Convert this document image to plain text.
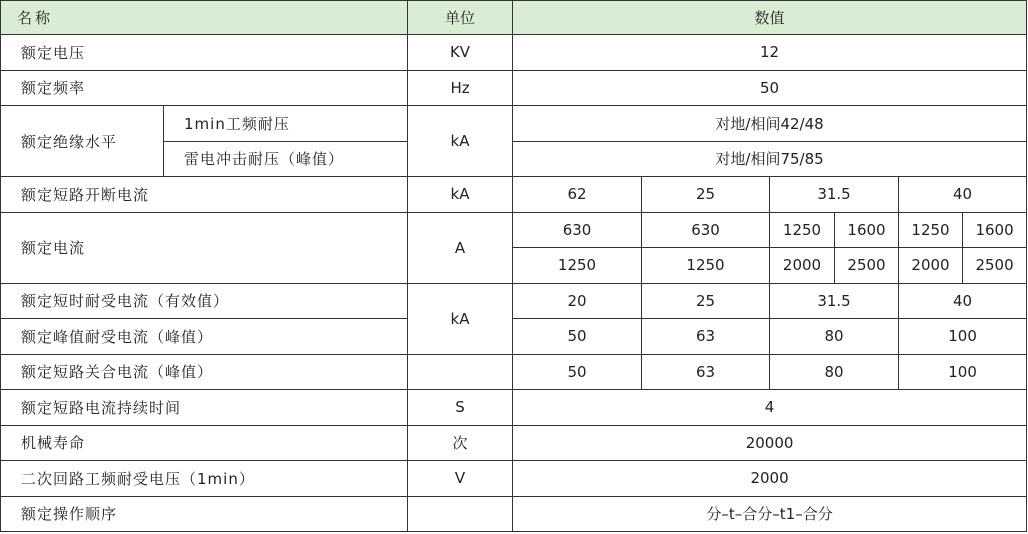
名称		单位	数值					
额定电压		KV	12					
额定频率		Hz	50					
额定绝缘水平	1min工频耐压	kA	对地/相间42/48					
	雷电冲击耐压（峰值）		对地/相间75/85					
额定短路开断电流		kA	62	25	31.5		40	
额定电流		A	630	630	1250	1600	1250	1600
			1250	1250	2000	2500	2000	2500
额定短时耐受电流（有效值）		kA	20	25	31.5		40	
额定峰值耐受电流（峰值）			50	63	80		100	
额定短路关合电流（峰值）			50	63	80		100	
额定短路电流持续时间		S	4					
机械寿命		次	20000					
二次回路工频耐受电压（1min）		V	2000					
额定操作顺序			分–t–合分–t1–合分					
